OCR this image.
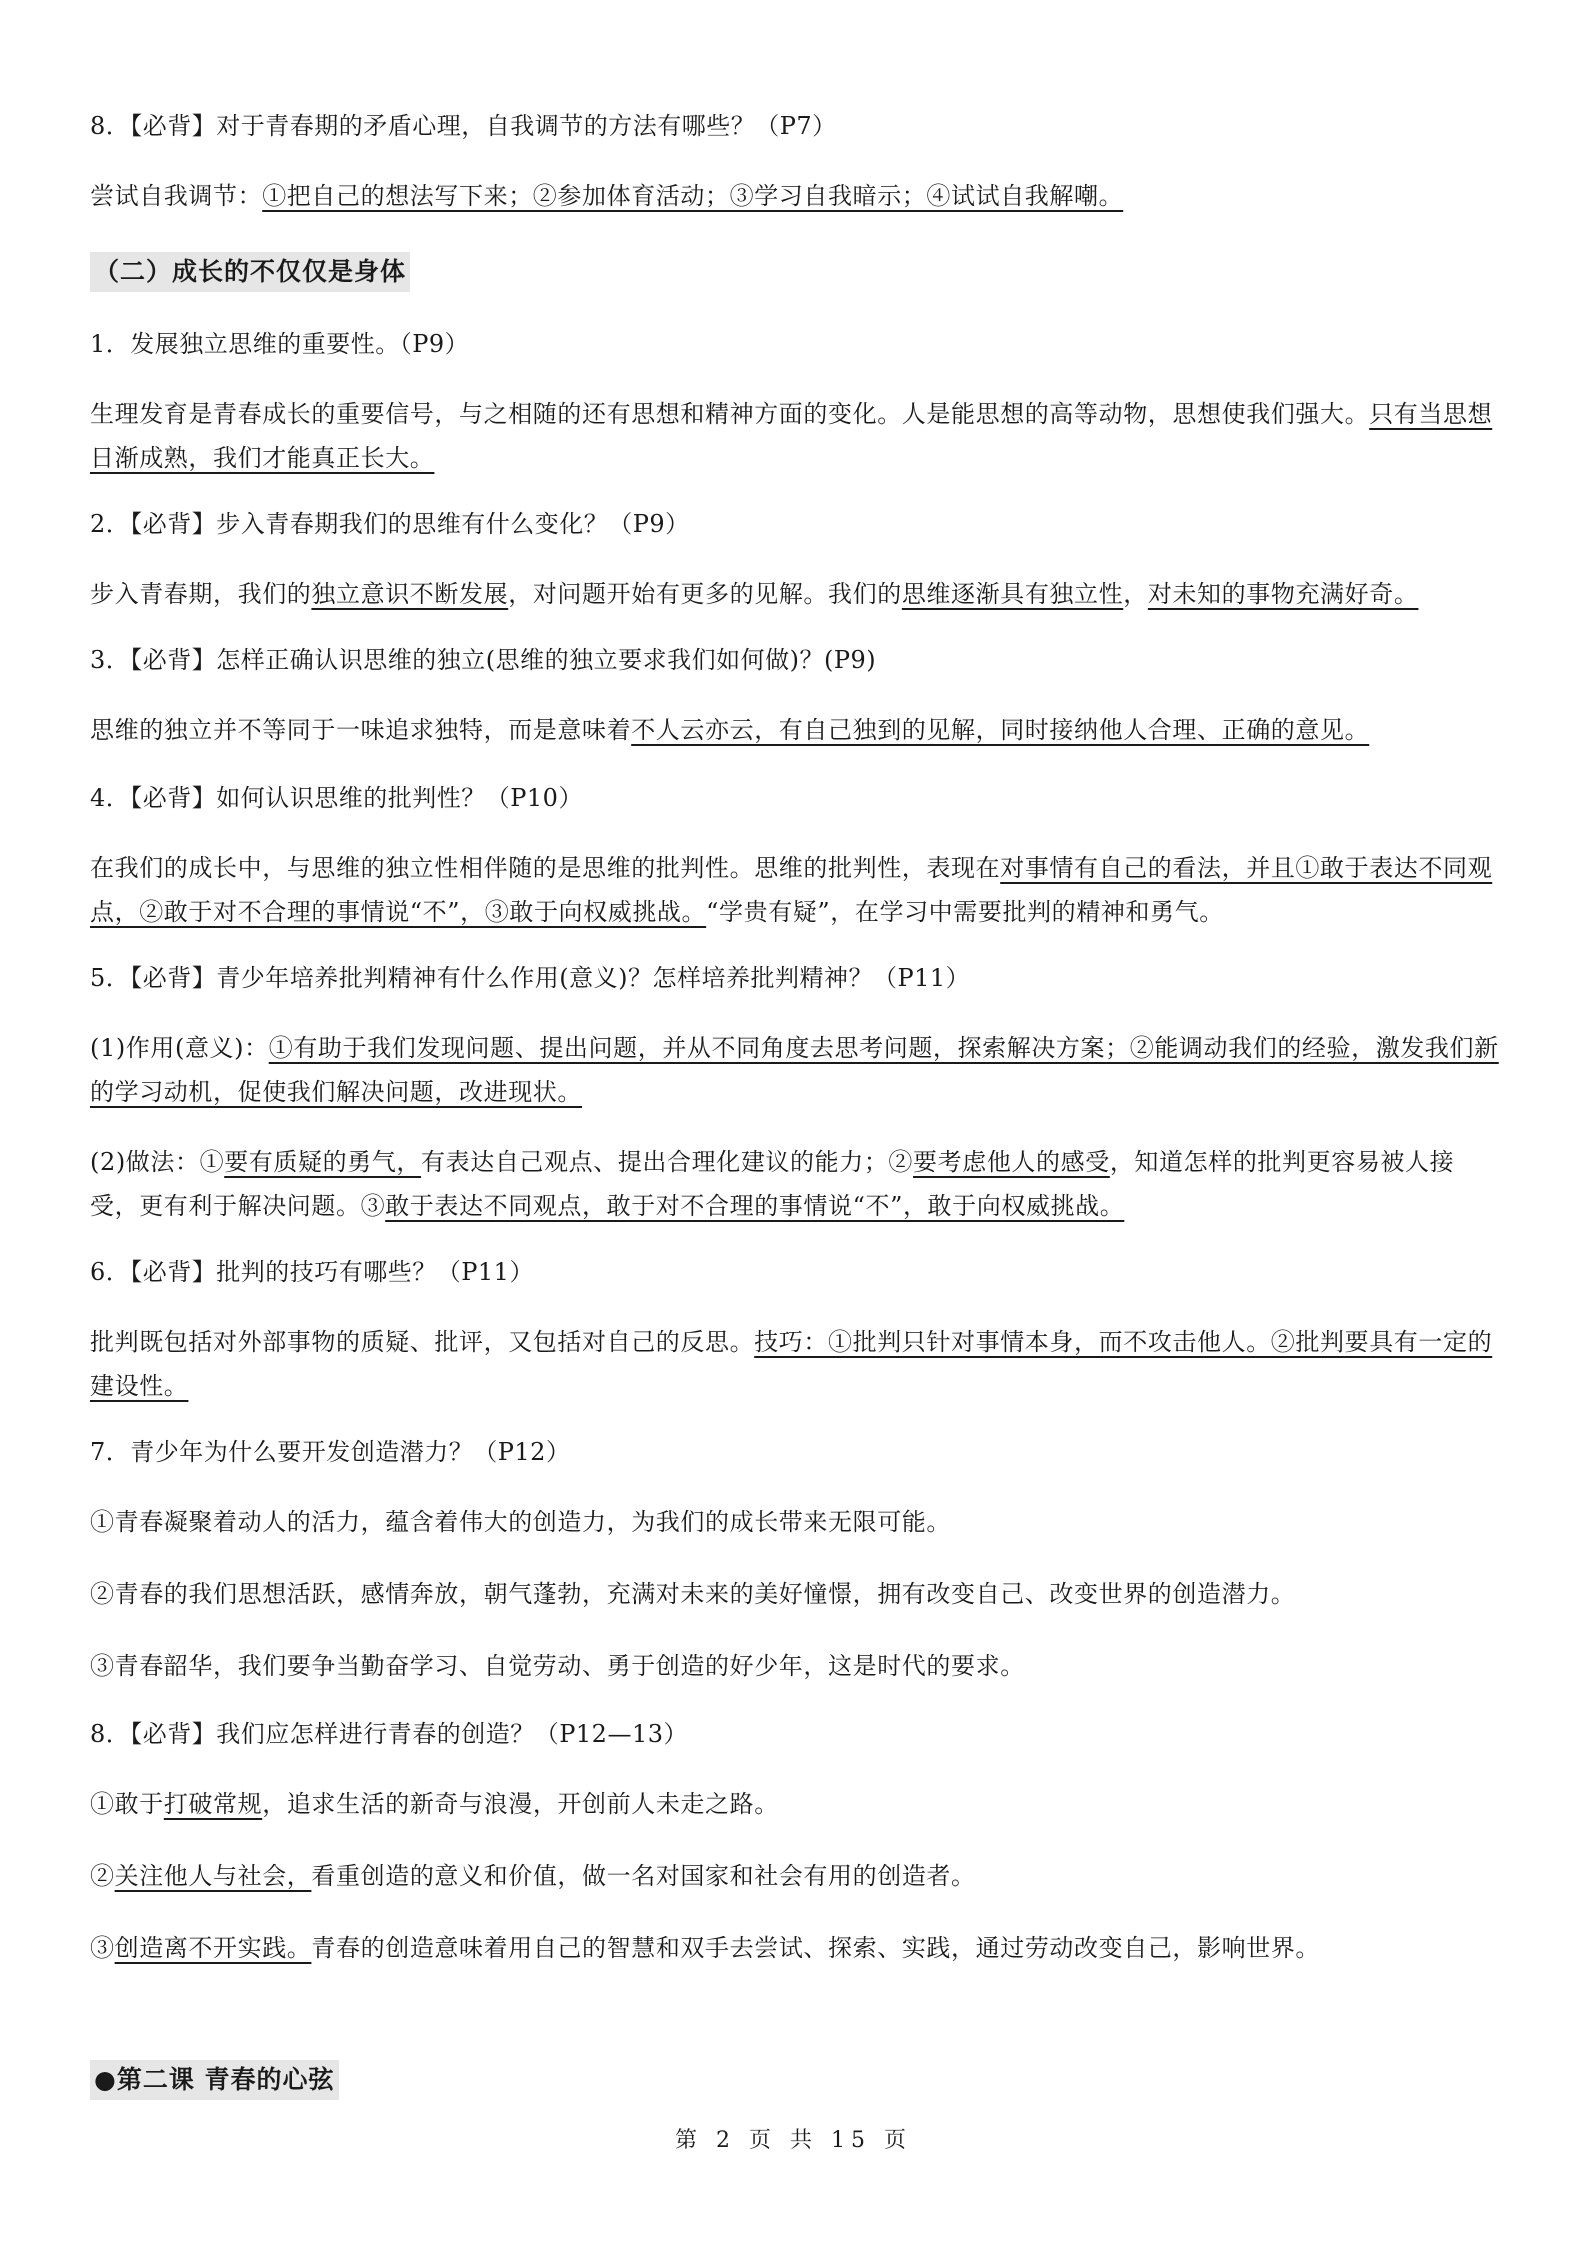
8．【必背】对于青春期的矛盾心理，自我调节的方法有哪些？（P7）

尝试自我调节：①把自己的想法写下来；②参加体育活动；③学习自我暗示；④试试自我解嘲。

（二）成长的不仅仅是身体

1．发展独立思维的重要性。（P9）

生理发育是青春成长的重要信号，与之相随的还有思想和精神方面的变化。人是能思想的高等动物，思想使我们强大。只有当思想日渐成熟，我们才能真正长大。

2．【必背】步入青春期我们的思维有什么变化？（P9）

步入青春期，我们的独立意识不断发展，对问题开始有更多的见解。我们的思维逐渐具有独立性，对未知的事物充满好奇。

3．【必背】怎样正确认识思维的独立(思维的独立要求我们如何做)？(P9)

思维的独立并不等同于一味追求独特，而是意味着不人云亦云，有自己独到的见解，同时接纳他人合理、正确的意见。

4．【必背】如何认识思维的批判性？（P10）

在我们的成长中，与思维的独立性相伴随的是思维的批判性。思维的批判性，表现在对事情有自己的看法，并且①敢于表达不同观点，②敢于对不合理的事情说“不”，③敢于向权威挑战。“学贵有疑”，在学习中需要批判的精神和勇气。

5．【必背】青少年培养批判精神有什么作用(意义)？怎样培养批判精神？（P11）

(1)作用(意义)：①有助于我们发现问题、提出问题，并从不同角度去思考问题，探索解决方案；②能调动我们的经验，激发我们新的学习动机，促使我们解决问题，改进现状。

(2)做法：①要有质疑的勇气，有表达自己观点、提出合理化建议的能力；②要考虑他人的感受，知道怎样的批判更容易被人接受，更有利于解决问题。③敢于表达不同观点，敢于对不合理的事情说“不”，敢于向权威挑战。

6．【必背】批判的技巧有哪些？（P11）

批判既包括对外部事物的质疑、批评，又包括对自己的反思。技巧：①批判只针对事情本身，而不攻击他人。②批判要具有一定的建设性。

7．青少年为什么要开发创造潜力？（P12）

①青春凝聚着动人的活力，蕴含着伟大的创造力，为我们的成长带来无限可能。

②青春的我们思想活跃，感情奔放，朝气蓬勃，充满对未来的美好憧憬，拥有改变自己、改变世界的创造潜力。

③青春韶华，我们要争当勤奋学习、自觉劳动、勇于创造的好少年，这是时代的要求。

8．【必背】我们应怎样进行青春的创造？（P12—13）

①敢于打破常规，追求生活的新奇与浪漫，开创前人未走之路。

②关注他人与社会，看重创造的意义和价值，做一名对国家和社会有用的创造者。

③创造离不开实践。青春的创造意味着用自己的智慧和双手去尝试、探索、实践，通过劳动改变自己，影响世界。

●第二课 青春的心弦
第 2 页 共 15 页
